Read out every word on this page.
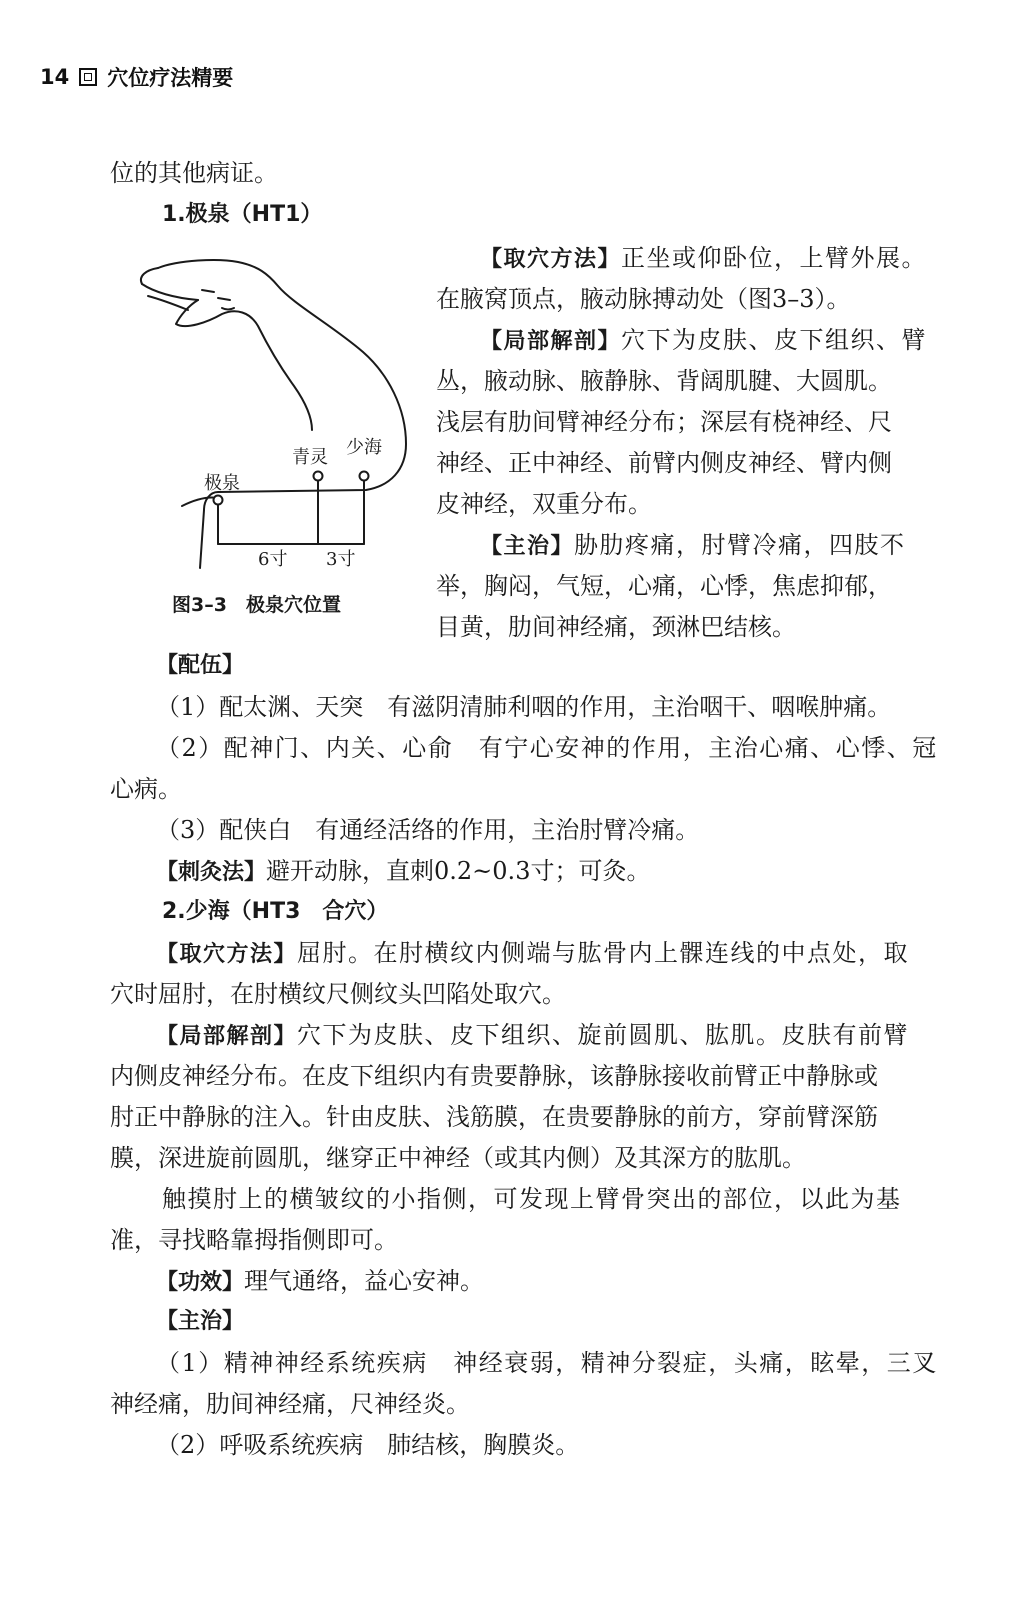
14 穴位疗法精要
位的其他病证。
1.极泉（HT1）
【取穴方法】正坐或仰卧位，上臂外展。
在腋窝顶点，腋动脉搏动处（图3–3）。
【局部解剖】穴下为皮肤、皮下组织、臂
丛，腋动脉、腋静脉、背阔肌腱、大圆肌。
浅层有肋间臂神经分布；深层有桡神经、尺
神经、正中神经、前臂内侧皮神经、臂内侧
皮神经，双重分布。
【主治】胁肋疼痛，肘臂冷痛，四肢不
举，胸闷，气短，心痛，心悸，焦虑抑郁，
目黄，肋间神经痛，颈淋巴结核。
极泉
青灵 少海
6寸 3寸
图3–3　极泉穴位置
【配伍】
（1）配太渊、天突　有滋阴清肺利咽的作用，主治咽干、咽喉肿痛。
（2）配神门、内关、心俞　有宁心安神的作用，主治心痛、心悸、冠
心病。
（3）配侠白　有通经活络的作用，主治肘臂冷痛。
【刺灸法】避开动脉，直刺0.2~0.3寸；可灸。
2.少海（HT3　合穴）
【取穴方法】屈肘。在肘横纹内侧端与肱骨内上髁连线的中点处，取
穴时屈肘，在肘横纹尺侧纹头凹陷处取穴。
【局部解剖】穴下为皮肤、皮下组织、旋前圆肌、肱肌。皮肤有前臂
内侧皮神经分布。在皮下组织内有贵要静脉，该静脉接收前臂正中静脉或
肘正中静脉的注入。针由皮肤、浅筋膜，在贵要静脉的前方，穿前臂深筋
膜，深进旋前圆肌，继穿正中神经（或其内侧）及其深方的肱肌。
触摸肘上的横皱纹的小指侧，可发现上臂骨突出的部位，以此为基
准，寻找略靠拇指侧即可。
【功效】理气通络，益心安神。
【主治】
（1）精神神经系统疾病　神经衰弱，精神分裂症，头痛，眩晕，三叉
神经痛，肋间神经痛，尺神经炎。
（2）呼吸系统疾病　肺结核，胸膜炎。
